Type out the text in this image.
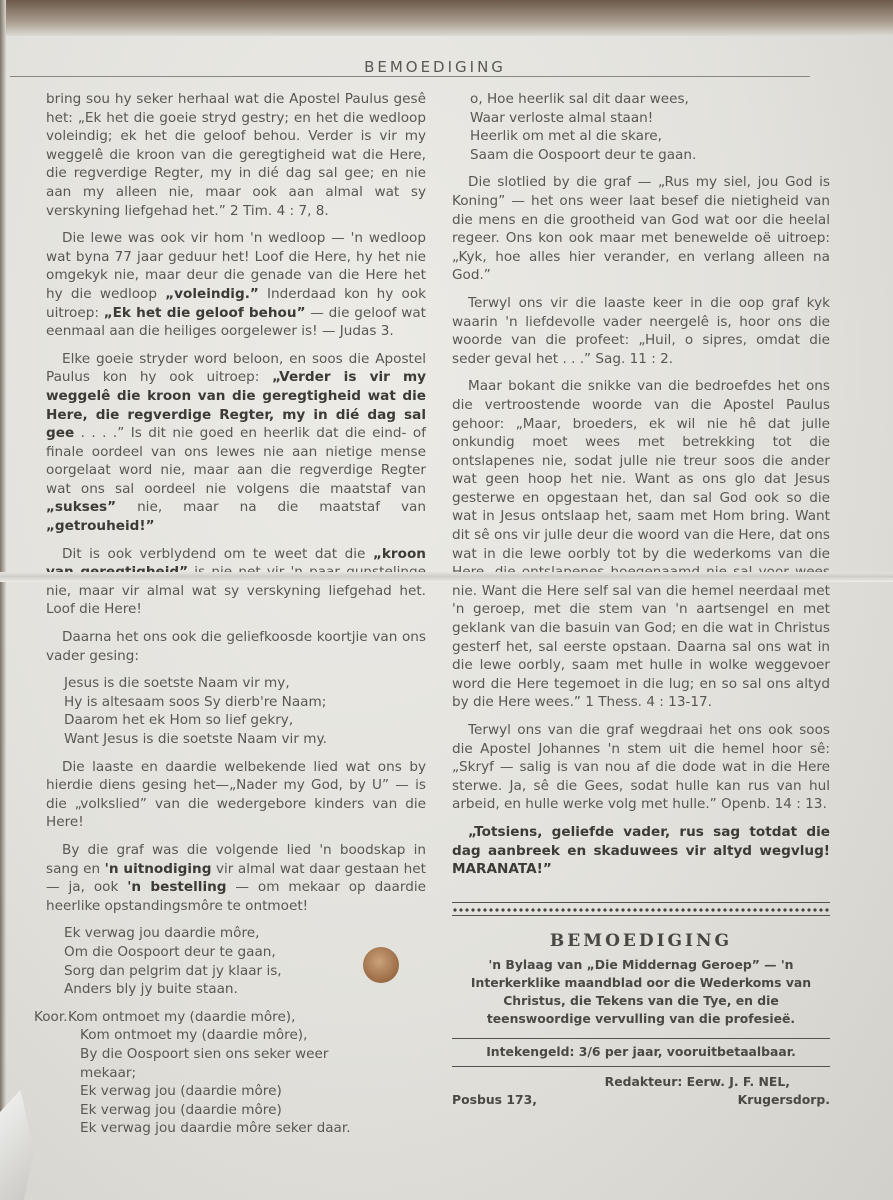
BEMOEDIGING

bring sou hy seker herhaal wat die Apostel Paulus gesê het: „Ek het die goeie stryd gestry; en het die wedloop voleindig; ek het die geloof behou. Verder is vir my weggelê die kroon van die geregtigheid wat die Here, die regverdige Regter, my in dié dag sal gee; en nie aan my alleen nie, maar ook aan almal wat sy verskyning liefgehad het.” 2 Tim. 4 : 7, 8.

Die lewe was ook vir hom 'n wedloop — 'n wedloop wat byna 77 jaar geduur het! Loof die Here, hy het nie omgekyk nie, maar deur die genade van die Here het hy die wedloop „voleindig.” Inderdaad kon hy ook uitroep: „Ek het die geloof behou” — die geloof wat eenmaal aan die heiliges oorgelewer is! — Judas 3.

Elke goeie stryder word beloon, en soos die Apostel Paulus kon hy ook uitroep: „Verder is vir my weggelê die kroon van die geregtigheid wat die Here, die regverdige Regter, my in dié dag sal gee . . . .” Is dit nie goed en heerlik dat die eind- of finale oordeel van ons lewes nie aan nietige mense oorgelaat word nie, maar aan die regverdige Regter wat ons sal oordeel nie volgens die maatstaf van „sukses” nie, maar na die maatstaf van „getrouheid!”

Dit is ook verblydend om te weet dat die „kroon nie, maar vir almal wat sy verskyning liefgehad het. Loof die Here!

Daarna het ons ook die geliefkoosde koortjie van ons vader gesing:

Jesus is die soetste Naam vir my,
Hy is altesaam soos Sy dierb're Naam;
Daarom het ek Hom so lief gekry,
Want Jesus is die soetste Naam vir my.

Die laaste en daardie welbekende lied wat ons by hierdie diens gesing het—„Nader my God, by U” — is die „volkslied” van die wedergebore kinders van die Here!

By die graf was die volgende lied 'n boodskap in sang en 'n uitnodiging vir almal wat daar gestaan het — ja, ook 'n bestelling — om mekaar op daardie heerlike opstandingsmôre te ontmoet!

Ek verwag jou daardie môre,
Om die Oospoort deur te gaan,
Sorg dan pelgrim dat jy klaar is,
Anders bly jy buite staan.
Koor.Kom ontmoet my (daardie môre),
Kom ontmoet my (daardie môre),
By die Oospoort sien ons seker weer
mekaar;
Ek verwag jou (daardie môre)
Ek verwag jou (daardie môre)
Ek verwag jou daardie môre seker daar.
o, Hoe heerlik sal dit daar wees,
Waar verloste almal staan!
Heerlik om met al die skare,
Saam die Oospoort deur te gaan.

Die slotlied by die graf — „Rus my siel, jou God is Koning” — het ons weer laat besef die nietigheid van die mens en die grootheid van God wat oor die heelal regeer. Ons kon ook maar met benewelde oë uitroep: „Kyk, hoe alles hier verander, en verlang alleen na God.”

Terwyl ons vir die laaste keer in die oop graf kyk waarin 'n liefdevolle vader neergelê is, hoor ons die woorde van die profeet: „Huil, o sipres, omdat die seder geval het . . .” Sag. 11 : 2.

Maar bokant die snikke van die bedroefdes het ons die vertroostende woorde van die Apostel Paulus gehoor: „Maar, broeders, ek wil nie hê dat julle onkundig moet wees met betrekking tot die ontslapenes nie, sodat julle nie treur soos die ander wat geen hoop het nie. Want as ons glo dat Jesus gesterwe en opgestaan het, dan sal God ook so die wat in Jesus ontslaap het, saam met Hom bring. Want dit sê ons vir julle deur die woord van die Here, dat ons wat in die lewe oorbly tot by die wederkoms van die nie. Want die Here self sal van die hemel neerdaal met 'n geroep, met die stem van 'n aartsengel en met geklank van die basuin van God; en die wat in Christus gesterf het, sal eerste opstaan. Daarna sal ons wat in die lewe oorbly, saam met hulle in wolke weggevoer word die Here tegemoet in die lug; en so sal ons altyd by die Here wees.” 1 Thess. 4 : 13-17.

Terwyl ons van die graf wegdraai het ons ook soos die Apostel Johannes 'n stem uit die hemel hoor sê: „Skryf — salig is van nou af die dode wat in die Here sterwe. Ja, sê die Gees, sodat hulle kan rus van hul arbeid, en hulle werke volg met hulle.” Openb. 14 : 13.

„Totsiens, geliefde vader, rus sag totdat die dag aanbreek en skaduwees vir altyd wegvlug! MARANATA!”

BEMOEDIGING
'n Bylaag van „Die Middernag Geroep” — 'n Interkerklike maandblad oor die Wederkoms van Christus, die Tekens van die Tye, en die teenswoordige vervulling van die profesieë.
Intekengeld: 3/6 per jaar, vooruitbetaalbaar.
Redakteur: Eerw. J. F. NEL,
Posbus 173,	Krugersdorp.
